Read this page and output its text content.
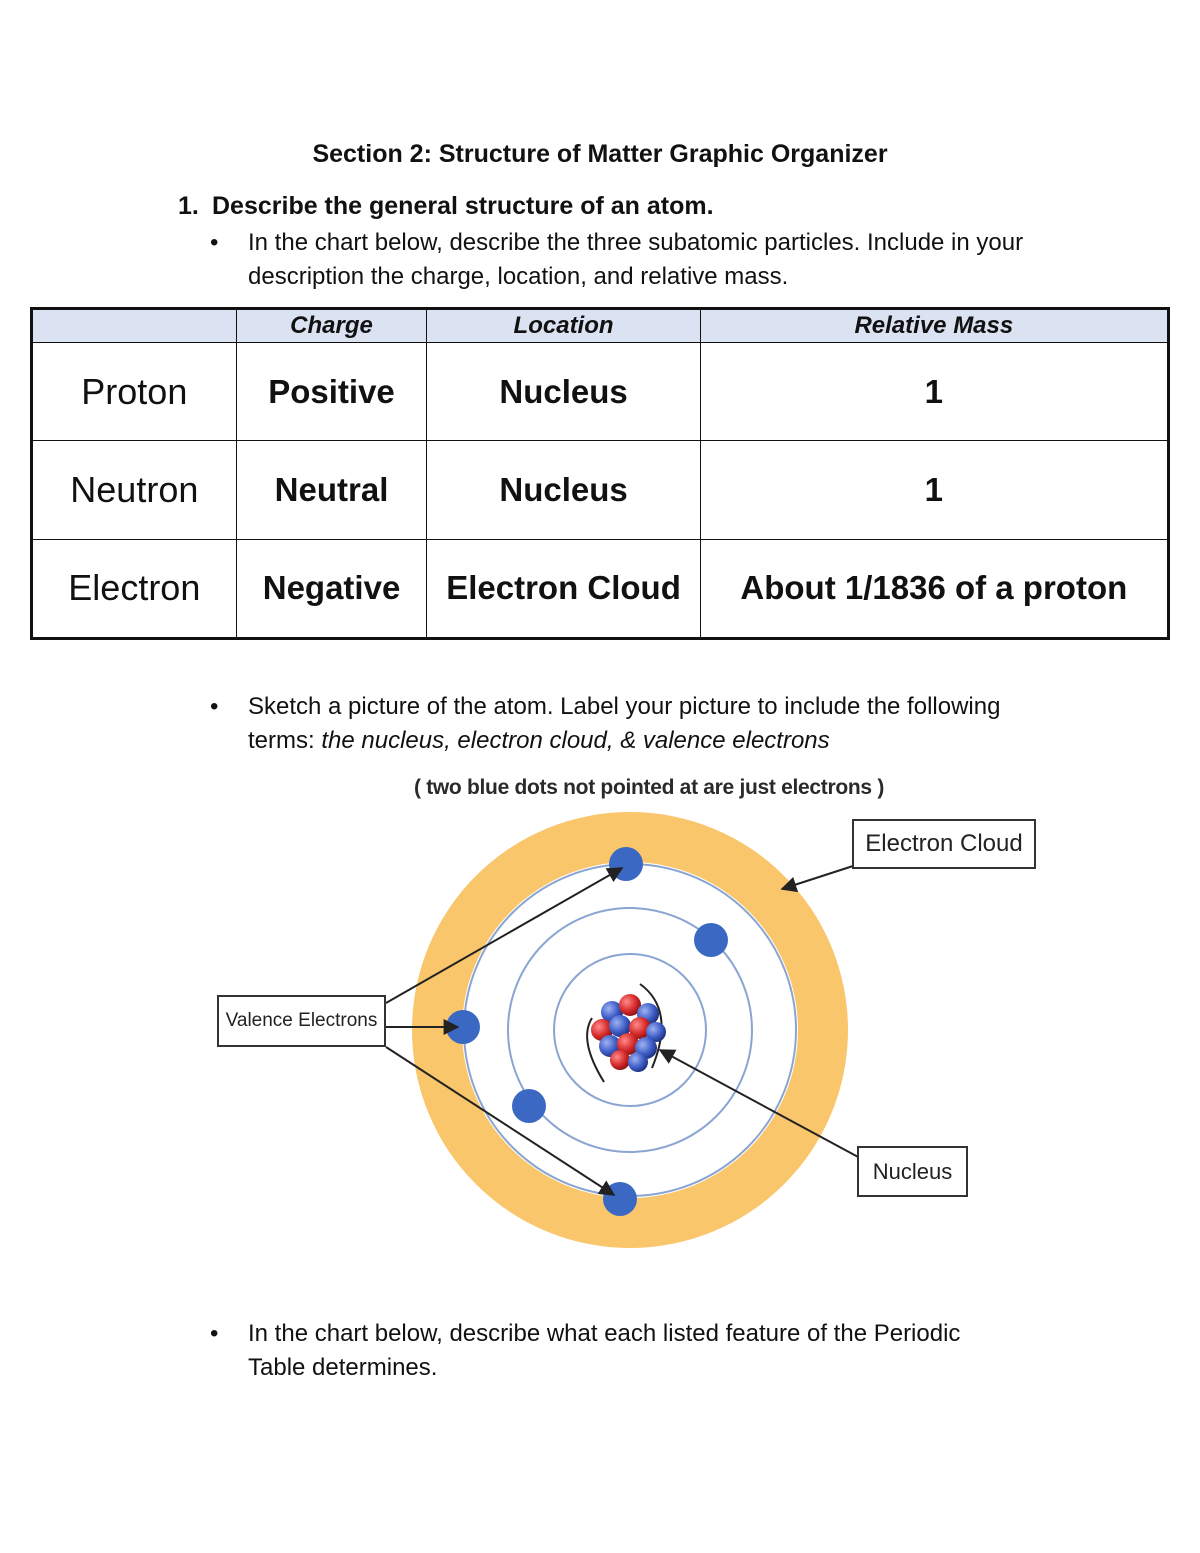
Section 2: Structure of Matter Graphic Organizer
1. Describe the general structure of an atom.
• In the chart below, describe the three subatomic particles. Include in your description the charge, location, and relative mass.
	Charge	Location	Relative Mass
Proton	Positive	Nucleus	1
Neutron	Neutral	Nucleus	1
Electron	Negative	Electron Cloud	About 1/1836 of a proton
• Sketch a picture of the atom. Label your picture to include the following terms: the nucleus, electron cloud, & valence electrons
( two blue dots not pointed at are just electrons )
Electron Cloud
Valence Electrons
Nucleus
• In the chart below, describe what each listed feature of the Periodic Table determines.
